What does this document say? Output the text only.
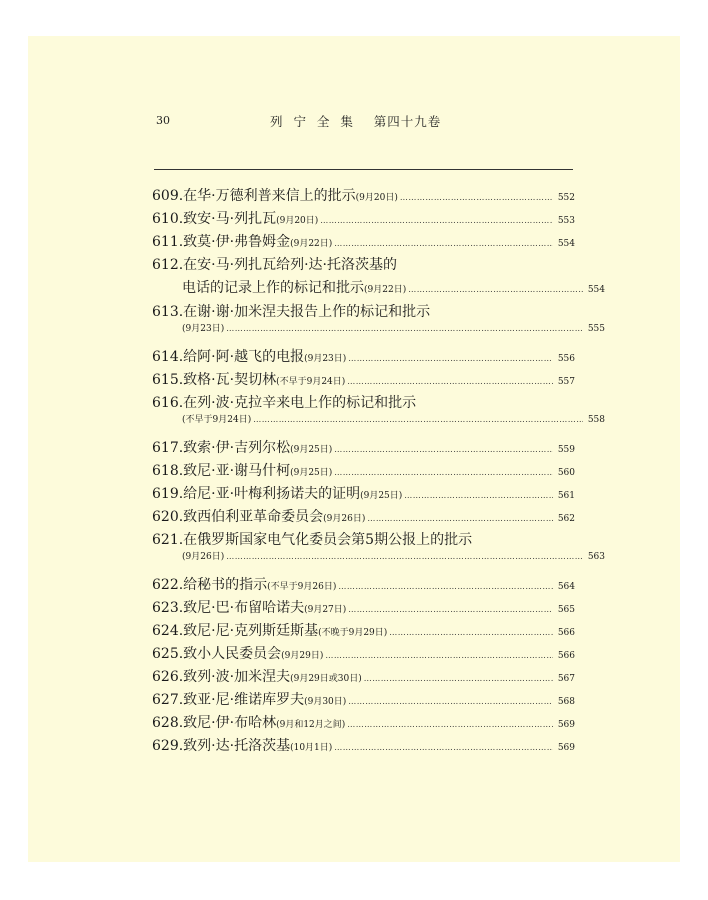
30	列  宁  全  集    第四十九卷
609. 在华·万德利普来信上的批示 (9月20日) …………………………………………………………………………………………………………………………………………………………………	552
610. 致安·马·列扎瓦 (9月20日) …………………………………………………………………………………………………………………………………………………………………	553
611. 致莫·伊·弗鲁姆金 (9月22日) …………………………………………………………………………………………………………………………………………………………………	554
612. 在安·马·列扎瓦给列·达·托洛茨基的
电话的记录上作的标记和批示 (9月22日) …………………………………………………………………………………………………………………………………………………………………	554
613. 在谢·谢·加米涅夫报告上作的标记和批示
(9月23日) …………………………………………………………………………………………………………………………………………………………………	555
614. 给阿·阿·越飞的电报 (9月23日) …………………………………………………………………………………………………………………………………………………………………	556
615. 致格·瓦·契切林 (不早于9月24日) …………………………………………………………………………………………………………………………………………………………………	557
616. 在列·波·克拉辛来电上作的标记和批示
(不早于9月24日) …………………………………………………………………………………………………………………………………………………………………	558
617. 致索·伊·吉列尔松 (9月25日) …………………………………………………………………………………………………………………………………………………………………	559
618. 致尼·亚·谢马什柯 (9月25日) …………………………………………………………………………………………………………………………………………………………………	560
619. 给尼·亚·叶梅利扬诺夫的证明 (9月25日) …………………………………………………………………………………………………………………………………………………………………	561
620. 致西伯利亚革命委员会 (9月26日) …………………………………………………………………………………………………………………………………………………………………	562
621. 在俄罗斯国家电气化委员会第5期公报上的批示
(9月26日) …………………………………………………………………………………………………………………………………………………………………	563
622. 给秘书的指示 (不早于9月26日) …………………………………………………………………………………………………………………………………………………………………	564
623. 致尼·巴·布留哈诺夫 (9月27日) …………………………………………………………………………………………………………………………………………………………………	565
624. 致尼·尼·克列斯廷斯基 (不晚于9月29日) …………………………………………………………………………………………………………………………………………………………………	566
625. 致小人民委员会 (9月29日) …………………………………………………………………………………………………………………………………………………………………	566
626. 致列·波·加米涅夫 (9月29日或30日) …………………………………………………………………………………………………………………………………………………………………	567
627. 致亚·尼·维诺库罗夫 (9月30日) …………………………………………………………………………………………………………………………………………………………………	568
628. 致尼·伊·布哈林 (9月和12月之间) …………………………………………………………………………………………………………………………………………………………………	569
629. 致列·达·托洛茨基 (10月1日) …………………………………………………………………………………………………………………………………………………………………	569
